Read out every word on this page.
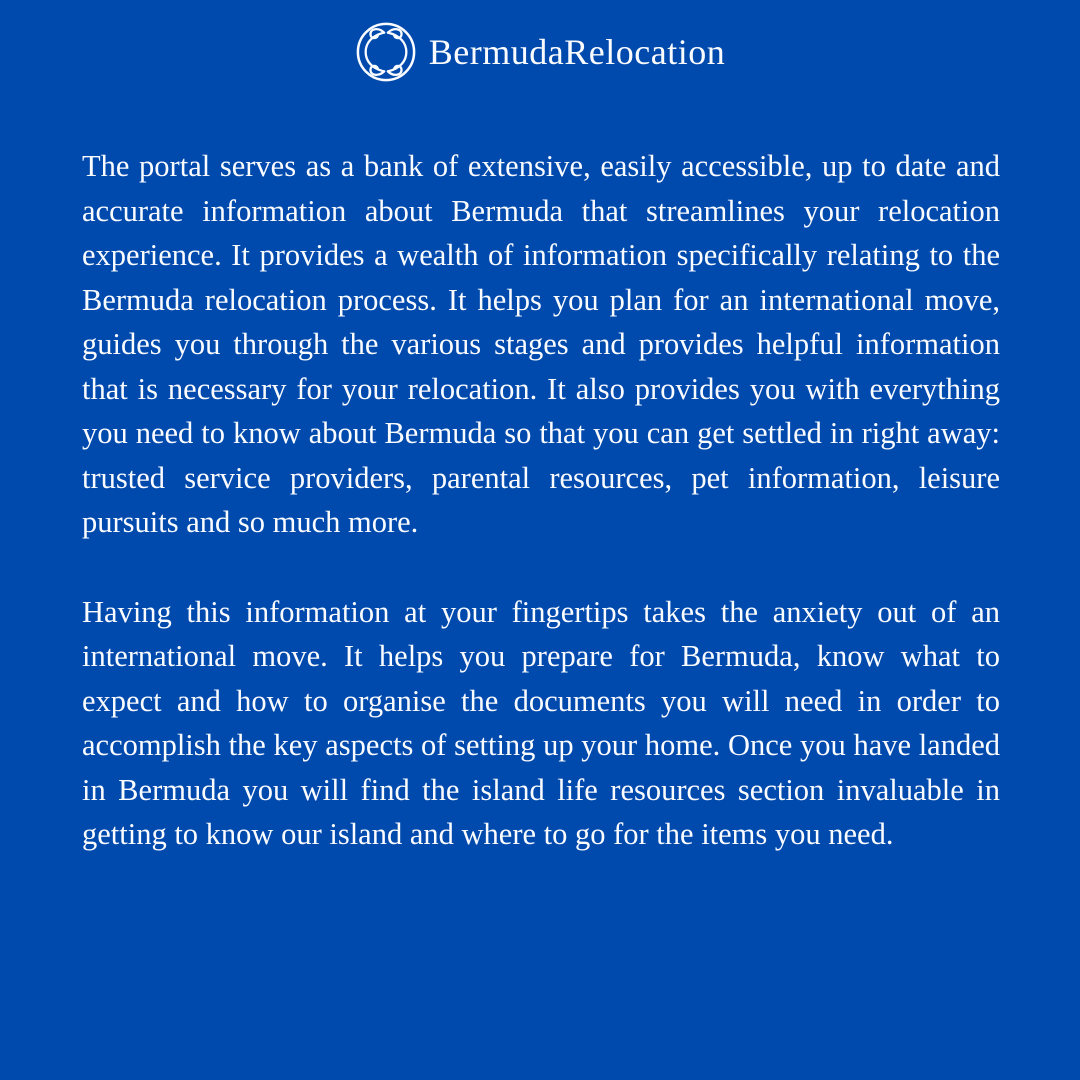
BermudaRelocation

The portal serves as a bank of extensive, easily accessible, up to date and accurate information about Bermuda that streamlines your relocation experience. It provides a wealth of information specifically relating to the Bermuda relocation process. It helps you plan for an international move, guides you through the various stages and provides helpful information that is necessary for your relocation. It also provides you with everything you need to know about Bermuda so that you can get settled in right away: trusted service providers, parental resources, pet information, leisure pursuits and so much more.

Having this information at your fingertips takes the anxiety out of an international move. It helps you prepare for Bermuda, know what to expect and how to organise the documents you will need in order to accomplish the key aspects of setting up your home. Once you have landed in Bermuda you will find the island life resources section invaluable in getting to know our island and where to go for the items you need.
